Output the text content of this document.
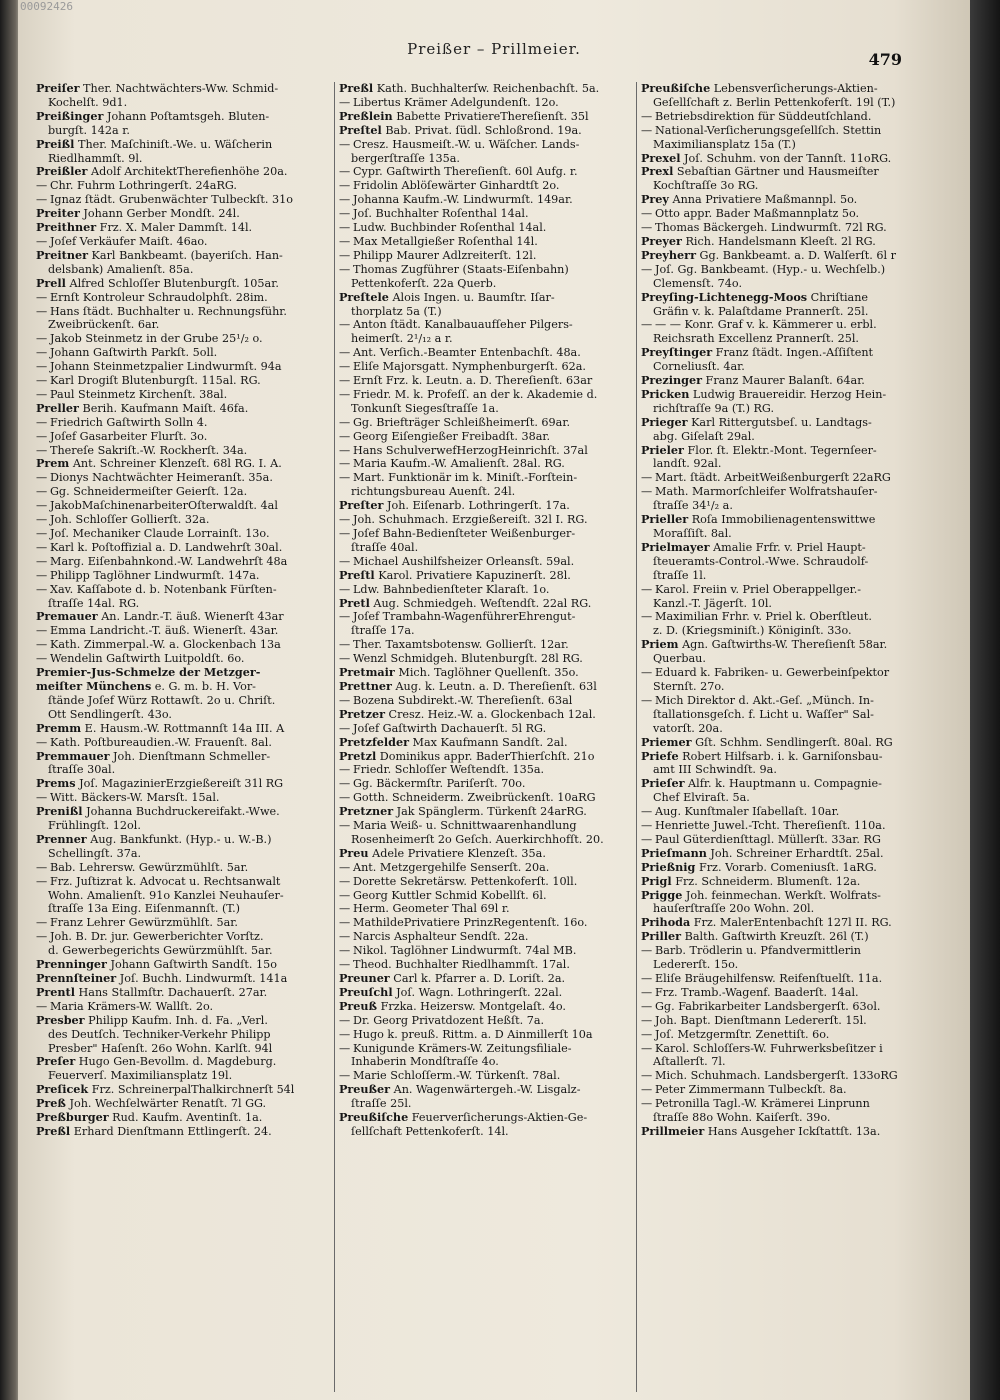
00092426
Preißer – Prillmeier.
479
Preiſer Ther. Nachtwächters-Ww. Schmid-
Kochelſt. 9d1.
Preißinger Johann Poſtamtsgeh. Bluten-
burgſt. 142a r.
Preißl Ther. Maſchiniſt.-We. u. Wäſcherin
Riedlhammſt. 9l.
Preißler Adolf ArchitektTherefienhöhe 20a.
— Chr. Fuhrm Lothringerſt. 24aRG.
— Ignaz ſtädt. Grubenwächter Tulbeckſt. 31o
Preiter Johann Gerber Mondſt. 24l.
Preithner Frz. X. Maler Dammſt. 14l.
— Joſef Verkäufer Maiſt. 46ao.
Preitner Karl Bankbeamt. (bayeriſch. Han-
delsbank) Amalienſt. 85a.
Prell Alfred Schloſſer Blutenburgſt. 105ar.
— Ernſt Kontroleur Schraudolphſt. 28im.
— Hans ſtädt. Buchhalter u. Rechnungsführ.
Zweibrückenſt. 6ar.
— Jakob Steinmetz in der Grube 25¹/₂ o.
— Johann Gaſtwirth Parkſt. 5oll.
— Johann Steinmetzpalier Lindwurmſt. 94a
— Karl Drogiſt Blutenburgſt. 115al. RG.
— Paul Steinmetz Kirchenſt. 38al.
Preller Berih. Kaufmann Maiſt. 46fa.
— Friedrich Gaſtwirth Solln 4.
— Joſef Gasarbeiter Flurſt. 3o.
— Thereſe Sakriſt.-W. Rockherſt. 34a.
Prem Ant. Schreiner Klenzeſt. 68l RG. I. A.
— Dionys Nachtwächter Heimeranſt. 35a.
— Gg. Schneidermeiſter Geierſt. 12a.
— JakobMaſchinenarbeiterOſterwaldſt. 4al
— Joh. Schloſſer Gollierſt. 32a.
— Joſ. Mechaniker Claude Lorrainſt. 13o.
— Karl k. Poſtoffizial a. D. Landwehrſt 30al.
— Marg. Eiſenbahnkond.-W. Landwehrſt 48a
— Philipp Taglöhner Lindwurmſt. 147a.
— Xav. Kaſſabote d. b. Notenbank Fürſten-
ſtraſſe 14al. RG.
Premauer An. Landr.-T. äuß. Wienerſt 43ar
— Emma Landricht.-T. äuß. Wienerſt. 43ar.
— Kath. Zimmerpal.-W. a. Glockenbach 13a
— Wendelin Gaſtwirth Luitpoldſt. 6o.
Premier-Jus-Schmelze der Metzger-
meiſter Münchens e. G. m. b. H. Vor-
ſtände Joſef Würz Rottawſt. 2o u. Chriſt.
Ott Sendlingerſt. 43o.
Premm E. Hausm.-W. Rottmannſt 14a III. A
— Kath. Poſtbureaudien.-W. Frauenſt. 8al.
Premmauer Joh. Dienſtmann Schmeller-
ſtraſſe 30al.
Prems Joſ. MagazinierErzgießereiſt 31l RG
— Witt. Bäckers-W. Marsſt. 15al.
Prenißl Johanna Buchdruckereifakt.-Wwe.
Frühlingſt. 12ol.
Prenner Aug. Bankfunkt. (Hyp.- u. W.-B.)
Schellingſt. 37a.
— Bab. Lehrersw. Gewürzmühlſt. 5ar.
— Frz. Juſtizrat k. Advocat u. Rechtsanwalt
Wohn. Amalienſt. 91o Kanzlei Neuhauſer-
ſtraſſe 13a Eing. Eiſenmannſt. (T.)
— Franz Lehrer Gewürzmühlſt. 5ar.
— Joh. B. Dr. jur. Gewerberichter Vorſtz.
d. Gewerbegerichts Gewürzmühlſt. 5ar.
Prenninger Johann Gaſtwirth Sandſt. 15o
Prennſteiner Joſ. Buchh. Lindwurmſt. 141a
Prentl Hans Stallmſtr. Dachauerſt. 27ar.
— Maria Krämers-W. Wallſt. 2o.
Presber Philipp Kaufm. Inh. d. Fa. „Verl.
des Deutſch. Techniker-Verkehr Philipp
Presber" Haſenſt. 26o Wohn. Karlſt. 94l
Preſer Hugo Gen-Bevollm. d. Magdeburg.
Feuerverſ. Maximiliansplatz 19l.
Preſicek Frz. SchreinerpalThalkirchnerſt 54l
Preß Joh. Wechſelwärter Renatſt. 7l GG.
Preßburger Rud. Kaufm. Aventinſt. 1a.
Preßl Erhard Dienſtmann Ettlingerſt. 24.
Preßl Kath. Buchhalterſw. Reichenbachſt. 5a.
— Libertus Krämer Adelgundenſt. 12o.
Preßlein Babette PrivatiereThereſienſt. 35l
Preſtel Bab. Privat. ſüdl. Schloßrond. 19a.
— Cresz. Hausmeiſt.-W. u. Wäſcher. Lands-
bergerſtraſſe 135a.
— Cypr. Gaſtwirth Thereſienſt. 60l Aufg. r.
— Fridolin Ablöſewärter Ginhardtſt 2o.
— Johanna Kaufm.-W. Lindwurmſt. 149ar.
— Joſ. Buchhalter Roſenthal 14al.
— Ludw. Buchbinder Roſenthal 14al.
— Max Metallgießer Roſenthal 14l.
— Philipp Maurer Adlzreiterſt. 12l.
— Thomas Zugführer (Staats-Eiſenbahn)
Pettenkoferſt. 22a Querb.
Preſtele Alois Ingen. u. Baumſtr. Iſar-
thorplatz 5a (T.)
— Anton ſtädt. Kanalbauaufſeher Pilgers-
heimerſt. 2¹/₁₂ a r.
— Ant. Verſich.-Beamter Entenbachſt. 48a.
— Eliſe Majorsgatt. Nymphenburgerſt. 62a.
— Ernſt Frz. k. Leutn. a. D. Thereſienſt. 63ar
— Friedr. M. k. Profeſſ. an der k. Akademie d.
Tonkunſt Siegesſtraſſe 1a.
— Gg. Briefträger Schleißheimerſt. 69ar.
— Georg Eiſengießer Freibadſt. 38ar.
— Hans SchulverwefHerzogHeinrichſt. 37al
— Maria Kaufm.-W. Amalienſt. 28al. RG.
— Mart. Funktionär im k. Miniſt.-Forſtein-
richtungsbureau Auenſt. 24l.
Preſter Joh. Eiſenarb. Lothringerſt. 17a.
— Joh. Schuhmach. Erzgießereiſt. 32l I. RG.
— Joſef Bahn-Bedienſteter Weißenburger-
ſtraſſe 40al.
— Michael Aushilfsheizer Orleansſt. 59al.
Preſtl Karol. Privatiere Kapuzinerſt. 28l.
— Ldw. Bahnbedienſteter Klaraſt. 1o.
Pretl Aug. Schmiedgeh. Weſtendſt. 22al RG.
— Joſef Trambahn-WagenführerEhrengut-
ſtraſſe 17a.
— Ther. Taxamtsbotensw. Gollierſt. 12ar.
— Wenzl Schmidgeh. Blutenburgſt. 28l RG.
Pretmair Mich. Taglöhner Quellenſt. 35o.
Prettner Aug. k. Leutn. a. D. Thereſienſt. 63l
— Bozena Subdirekt.-W. Thereſienſt. 63al
Pretzer Cresz. Heiz.-W. a. Glockenbach 12al.
— Joſef Gaſtwirth Dachauerſt. 5l RG.
Pretzfelder Max Kaufmann Sandſt. 2al.
Pretzl Dominikus appr. BaderThierſchſt. 21o
— Friedr. Schloſſer Weſtendſt. 135a.
— Gg. Bäckermſtr. Pariſerſt. 70o.
— Gotth. Schneiderm. Zweibrückenſt. 10aRG
Pretzner Jak Spänglerm. Türkenſt 24arRG.
— Maria Weiß- u. Schnittwaarenhandlung
Rosenheimerſt 2o Geſch. Auerkirchhofſt. 20.
Preu Adele Privatiere Klenzeſt. 35a.
— Ant. Metzgergehilfe Senserſt. 20a.
— Dorette Sekretärsw. Pettenkoferſt. 10ll.
— Georg Kuttler Schmid Kobellſt. 6l.
— Herm. Geometer Thal 69l r.
— MathildePrivatiere PrinzRegentenſt. 16o.
— Narcis Asphalteur Sendſt. 22a.
— Nikol. Taglöhner Lindwurmſt. 74al MB.
— Theod. Buchhalter Riedlhammſt. 17al.
Preuner Carl k. Pfarrer a. D. Loriſt. 2a.
Preuſchl Joſ. Wagn. Lothringerſt. 22al.
Preuß Frzka. Heizersw. Montgelaſt. 4o.
— Dr. Georg Privatdozent Heßſt. 7a.
— Hugo k. preuß. Rittm. a. D Ainmillerſt 10a
— Kunigunde Krämers-W. Zeitungsfiliale-
Inhaberin Mondſtraſſe 4o.
— Marie Schloſſerm.-W. Türkenſt. 78al.
Preußer An. Wagenwärtergeh.-W. Lisgalz-
ſtraſſe 25l.
Preußiſche Feuerverſicherungs-Aktien-Ge-
ſellſchaft Pettenkoferſt. 14l.
Preußiſche Lebensverſicherungs-Aktien-
Geſellſchaft z. Berlin Pettenkoferſt. 19l (T.)
— Betriebsdirektion für Süddeutſchland.
— National-Verſicherungsgeſellſch. Stettin
Maximiliansplatz 15a (T.)
Prexel Joſ. Schuhm. von der Tannſt. 11oRG.
Prexl Sebaſtian Gärtner und Hausmeiſter
Kochſtraſſe 3o RG.
Prey Anna Privatiere Maßmannpl. 5o.
— Otto appr. Bader Maßmannplatz 5o.
— Thomas Bäckergeh. Lindwurmſt. 72l RG.
Preyer Rich. Handelsmann Kleeſt. 2l RG.
Preyherr Gg. Bankbeamt. a. D. Walſerſt. 6l r
— Joſ. Gg. Bankbeamt. (Hyp.- u. Wechſelb.)
Clemensſt. 74o.
Preyſing-Lichtenegg-Moos Chriſtiane
Gräfin v. k. Palaſtdame Prannerſt. 25l.
— — — Konr. Graf v. k. Kämmerer u. erbl.
Reichsrath Excellenz Prannerſt. 25l.
Preyſtinger Franz ſtädt. Ingen.-Aſſiſtent
Corneliusſt. 4ar.
Prezinger Franz Maurer Balanſt. 64ar.
Pricken Ludwig Brauereidir. Herzog Hein-
richſtraſſe 9a (T.) RG.
Prieger Karl Rittergutsbeſ. u. Landtags-
abg. Giſelaſt 29al.
Prieler Flor. ſt. Elektr.-Mont. Tegernſeer-
landſt. 92al.
— Mart. ſtädt. ArbeitWeißenburgerſt 22aRG
— Math. Marmorſchleifer Wolfratshauſer-
ſtraſſe 34¹/₂ a.
Prieller Roſa Immobilienagentenswittwe
Moraſſiſt. 8al.
Prielmayer Amalie Frfr. v. Priel Haupt-
ſteueramts-Control.-Wwe. Schraudolf-
ſtraſſe 1l.
— Karol. Freiin v. Priel Oberappellger.-
Kanzl.-T. Jägerſt. 10l.
— Maximilian Frhr. v. Priel k. Oberſtleut.
z. D. (Kriegsminiſt.) Königinſt. 33o.
Priem Agn. Gaſtwirths-W. Thereſienſt 58ar.
Querbau.
— Eduard k. Fabriken- u. Gewerbeinſpektor
Sternſt. 27o.
— Mich Direktor d. Akt.-Geſ. „Münch. In-
ſtallationsgeſch. f. Licht u. Waſſer" Sal-
vatorſt. 20a.
Priemer Gſt. Schhm. Sendlingerſt. 80al. RG
Priefe Robert Hilfsarb. i. k. Garniſonsbau-
amt III Schwindſt. 9a.
Prieſer Alfr. k. Hauptmann u. Compagnie-
Chef Elviraſt. 5a.
— Aug. Kunſtmaler Iſabellaſt. 10ar.
— Henriette Juwel.-Tcht. Thereſienſt. 110a.
— Paul Güterdienſttagl. Müllerſt. 33ar. RG
Prieſmann Joh. Schreiner Erhardtſt. 25al.
Prießnig Frz. Vorarb. Comeniusſt. 1aRG.
Prigl Frz. Schneiderm. Blumenſt. 12a.
Prigge Joh. feinmechan. Werkſt. Wolfrats-
hauſerſtraſſe 20o Wohn. 20l.
Prihoda Frz. MalerEntenbachſt 127l II. RG.
Priller Balth. Gaſtwirth Kreuzſt. 26l (T.)
— Barb. Trödlerin u. Pfandvermittlerin
Ledererſt. 15o.
— Eliſe Bräugehilfensw. Reifenſtuelſt. 11a.
— Frz. Tramb.-Wagenf. Baaderſt. 14al.
— Gg. Fabrikarbeiter Landsbergerſt. 63ol.
— Joh. Bapt. Dienſtmann Ledererſt. 15l.
— Joſ. Metzgermſtr. Zenettiſt. 6o.
— Karol. Schloſſers-W. Fuhrwerksbeſitzer i
Aſtallerſt. 7l.
— Mich. Schuhmach. Landsbergerſt. 133oRG
— Peter Zimmermann Tulbeckſt. 8a.
— Petronilla Tagl.-W. Krämerei Linprunn
ſtraſſe 88o Wohn. Kaiſerſt. 39o.
Prillmeier Hans Ausgeher Ickſtattſt. 13a.
